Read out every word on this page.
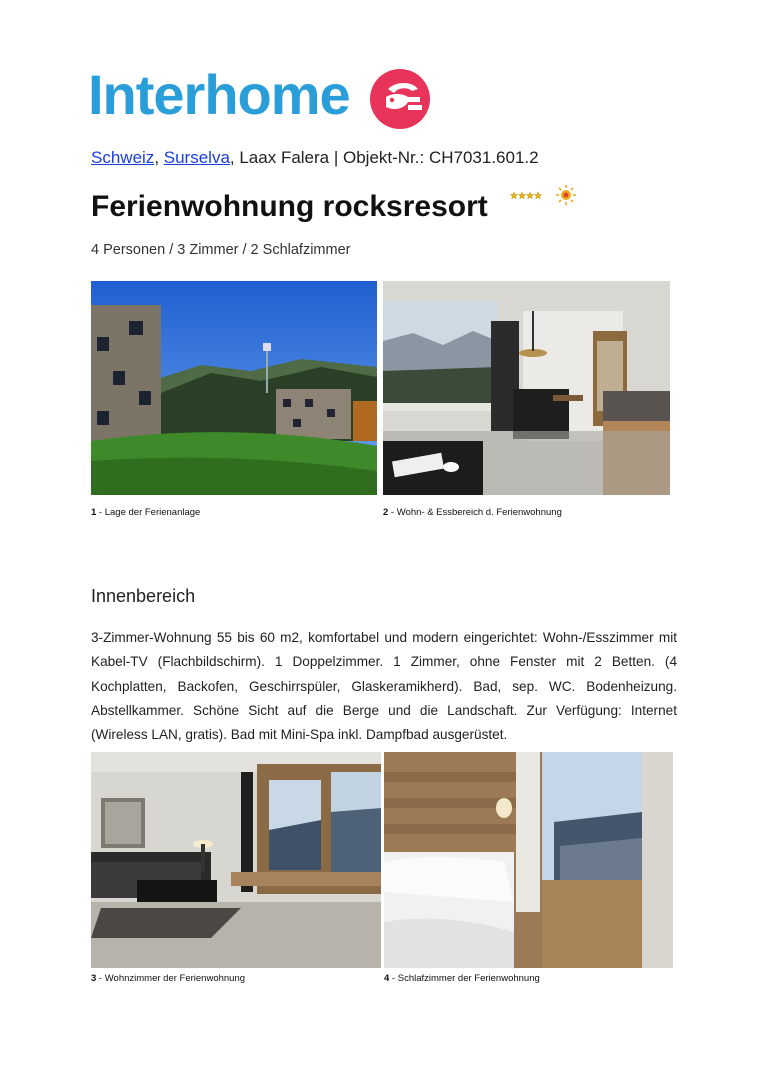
Interhome
Schweiz, Surselva, Laax Falera | Objekt-Nr.: CH7031.601.2
Ferienwohnung rocksresort
4 Personen / 3 Zimmer / 2 Schlafzimmer
1 - Lage der Ferienanlage	2 - Wohn- & Essbereich d. Ferienwohnung
Innenbereich
3-Zimmer-Wohnung 55 bis 60 m2, komfortabel und modern eingerichtet: Wohn-/Esszimmer mit Kabel-TV (Flachbildschirm). 1 Doppelzimmer. 1 Zimmer, ohne Fenster mit 2 Betten. (4 Kochplatten, Backofen, Geschirrspüler, Glaskeramikherd). Bad, sep. WC. Bodenheizung. Abstellkammer. Schöne Sicht auf die Berge und die Landschaft. Zur Verfügung: Internet (Wireless LAN, gratis). Bad mit Mini-Spa inkl. Dampfbad ausgerüstet.
3 - Wohnzimmer der Ferienwohnung	4 - Schlafzimmer der Ferienwohnung
